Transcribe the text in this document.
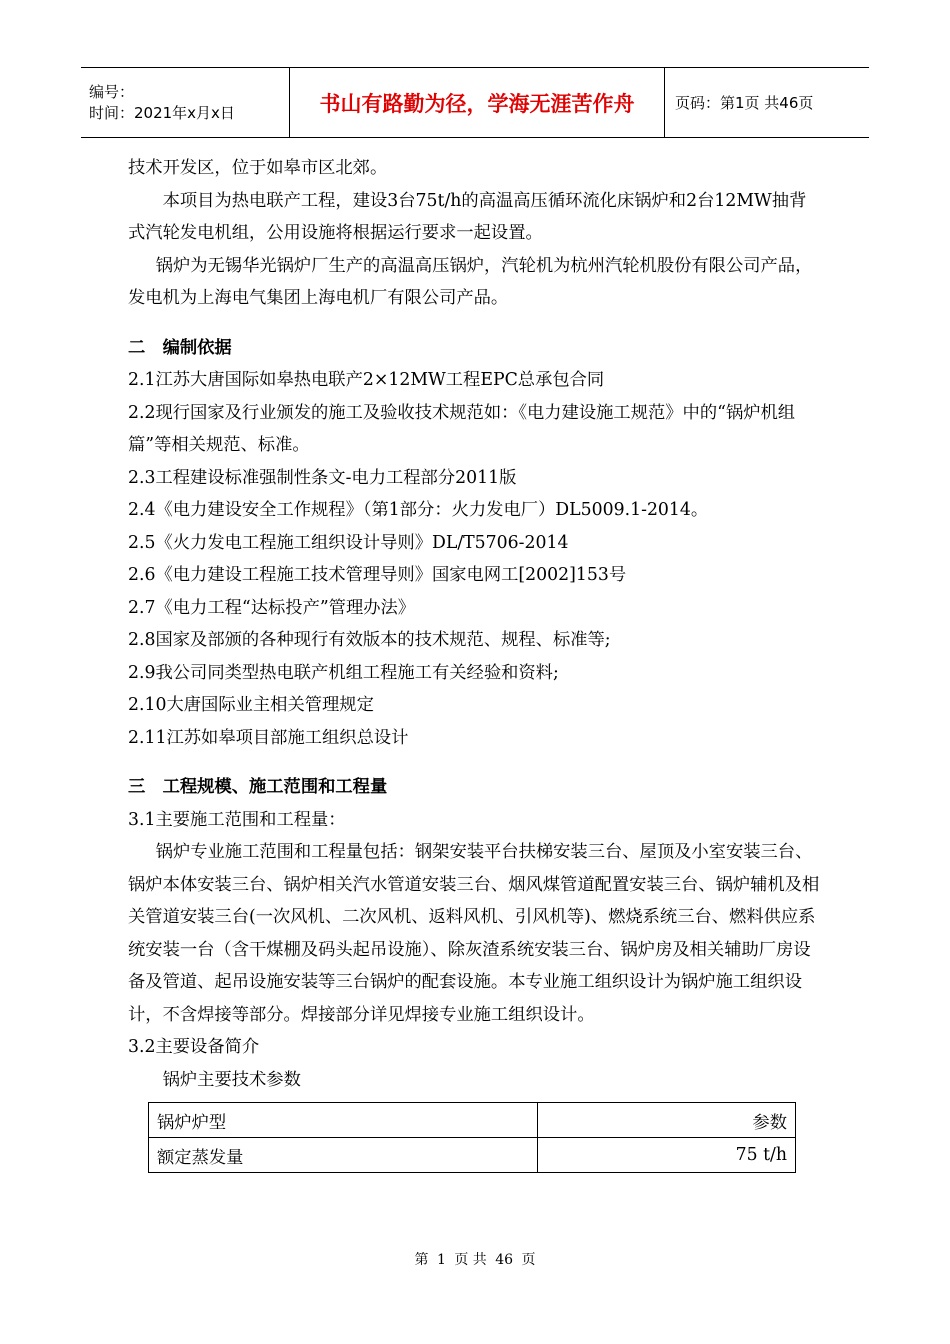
编号：
时间：2021年x月x日	书山有路勤为径，学海无涯苦作舟	页码：第1页 共46页

技术开发区，位于如皋市区北郊。

本项目为热电联产工程，建设3台75t/h的高温高压循环流化床锅炉和2台12MW抽背式汽轮发电机组，公用设施将根据运行要求一起设置。

锅炉为无锡华光锅炉厂生产的高温高压锅炉，汽轮机为杭州汽轮机股份有限公司产品，发电机为上海电气集团上海电机厂有限公司产品。

二　编制依据

2.1江苏大唐国际如皋热电联产2×12MW工程EPC总承包合同

2.2现行国家及行业颁发的施工及验收技术规范如：《电力建设施工规范》中的“锅炉机组篇”等相关规范、标准。

2.3工程建设标准强制性条文-电力工程部分2011版

2.4《电力建设安全工作规程》（第1部分：火力发电厂）DL5009.1-2014。

2.5《火力发电工程施工组织设计导则》DL/T5706-2014

2.6《电力建设工程施工技术管理导则》国家电网工[2002]153号

2.7《电力工程“达标投产”管理办法》

2.8国家及部颁的各种现行有效版本的技术规范、规程、标准等;

2.9我公司同类型热电联产机组工程施工有关经验和资料;

2.10大唐国际业主相关管理规定

2.11江苏如皋项目部施工组织总设计

三　工程规模、施工范围和工程量

3.1主要施工范围和工程量：

锅炉专业施工范围和工程量包括：钢架安装平台扶梯安装三台、屋顶及小室安装三台、锅炉本体安装三台、锅炉相关汽水管道安装三台、烟风煤管道配置安装三台、锅炉辅机及相关管道安装三台(一次风机、二次风机、返料风机、引风机等)、燃烧系统三台、燃料供应系统安装一台（含干煤棚及码头起吊设施）、除灰渣系统安装三台、锅炉房及相关辅助厂房设备及管道、起吊设施安装等三台锅炉的配套设施。本专业施工组织设计为锅炉施工组织设计，不含焊接等部分。焊接部分详见焊接专业施工组织设计。

3.2主要设备简介

锅炉主要技术参数

锅炉炉型	参数
额定蒸发量	75 t/h
第 1 页 共 46 页
